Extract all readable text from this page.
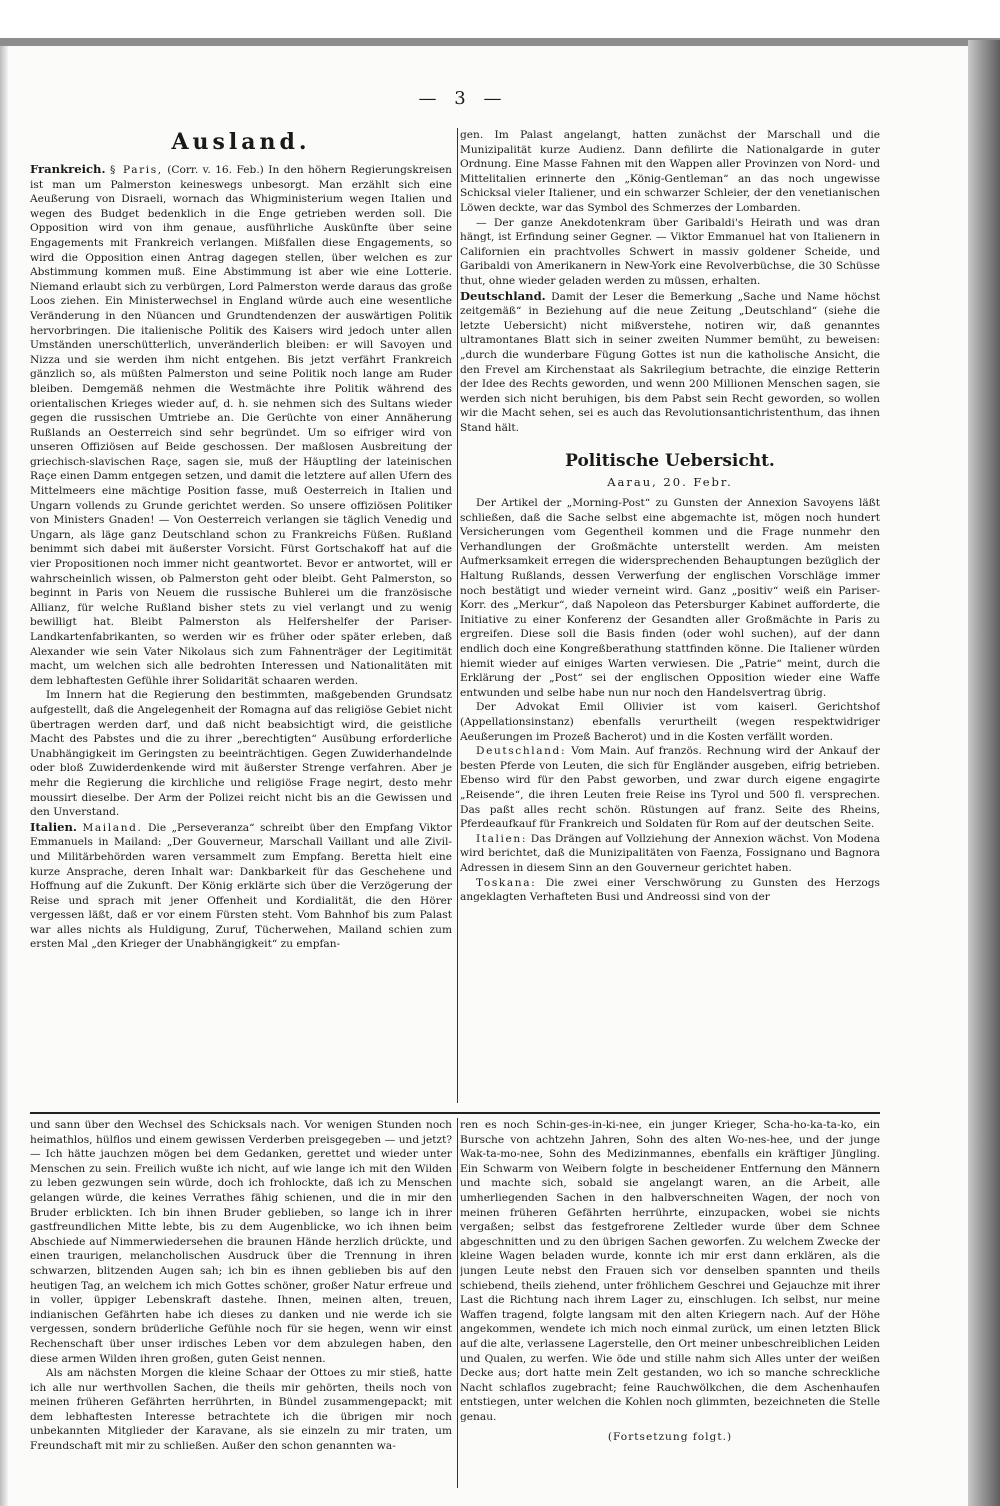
— 3 —
Ausland.

Frankreich. § Paris, (Corr. v. 16. Feb.) In den höhern Regierungskreisen ist man um Palmerston keineswegs unbesorgt. Man erzählt sich eine Aeußerung von Disraeli, wornach das Whigministerium wegen Italien und wegen des Budget bedenklich in die Enge getrieben werden soll. Die Opposition wird von ihm genaue, ausführliche Auskünfte über seine Engagements mit Frankreich verlangen. Mißfallen diese Engagements, so wird die Opposition einen Antrag dagegen stellen, über welchen es zur Abstimmung kommen muß. Eine Abstimmung ist aber wie eine Lotterie. Niemand erlaubt sich zu verbürgen, Lord Palmerston werde daraus das große Loos ziehen. Ein Ministerwechsel in England würde auch eine wesentliche Veränderung in den Nüancen und Grundtendenzen der auswärtigen Politik hervorbringen. Die italienische Politik des Kaisers wird jedoch unter allen Umständen unerschütterlich, unveränderlich bleiben: er will Savoyen und Nizza und sie werden ihm nicht entgehen. Bis jetzt verfährt Frankreich gänzlich so, als müßten Palmerston und seine Politik noch lange am Ruder bleiben. Demgemäß nehmen die Westmächte ihre Politik während des orientalischen Krieges wieder auf, d. h. sie nehmen sich des Sultans wieder gegen die russischen Umtriebe an. Die Gerüchte von einer Annäherung Rußlands an Oesterreich sind sehr begründet. Um so eifriger wird von unseren Offiziösen auf Beide geschossen. Der maßlosen Ausbreitung der griechisch-slavischen Raçe, sagen sie, muß der Häuptling der lateinischen Raçe einen Damm entgegen setzen, und damit die letztere auf allen Ufern des Mittelmeers eine mächtige Position fasse, muß Oesterreich in Italien und Ungarn vollends zu Grunde gerichtet werden. So unsere offiziösen Politiker von Ministers Gnaden! — Von Oesterreich verlangen sie täglich Venedig und Ungarn, als läge ganz Deutschland schon zu Frankreichs Füßen. Rußland benimmt sich dabei mit äußerster Vorsicht. Fürst Gortschakoff hat auf die vier Propositionen noch immer nicht geantwortet. Bevor er antwortet, will er wahrscheinlich wissen, ob Palmerston geht oder bleibt. Geht Palmerston, so beginnt in Paris von Neuem die russische Buhlerei um die französische Allianz, für welche Rußland bisher stets zu viel verlangt und zu wenig bewilligt hat. Bleibt Palmerston als Helfershelfer der Pariser-Landkartenfabrikanten, so werden wir es früher oder später erleben, daß Alexander wie sein Vater Nikolaus sich zum Fahnenträger der Legitimität macht, um welchen sich alle bedrohten Interessen und Nationalitäten mit dem lebhaftesten Gefühle ihrer Solidarität schaaren werden.

Im Innern hat die Regierung den bestimmten, maßgebenden Grundsatz aufgestellt, daß die Angelegenheit der Romagna auf das religiöse Gebiet nicht übertragen werden darf, und daß nicht beabsichtigt wird, die geistliche Macht des Pabstes und die zu ihrer „berechtigten“ Ausübung erforderliche Unabhängigkeit im Geringsten zu beeinträchtigen. Gegen Zuwiderhandelnde oder bloß Zuwiderdenkende wird mit äußerster Strenge verfahren. Aber je mehr die Regierung die kirchliche und religiöse Frage negirt, desto mehr moussirt dieselbe. Der Arm der Polizei reicht nicht bis an die Gewissen und den Unverstand.

Italien. Mailand. Die „Perseveranza“ schreibt über den Empfang Viktor Emmanuels in Mailand: „Der Gouverneur, Marschall Vaillant und alle Zivil- und Militärbehörden waren versammelt zum Empfang. Beretta hielt eine kurze Ansprache, deren Inhalt war: Dankbarkeit für das Geschehene und Hoffnung auf die Zukunft. Der König erklärte sich über die Verzögerung der Reise und sprach mit jener Offenheit und Kordialität, die den Hörer vergessen läßt, daß er vor einem Fürsten steht. Vom Bahnhof bis zum Palast war alles nichts als Huldigung, Zuruf, Tücherwehen, Mailand schien zum ersten Mal „den Krieger der Unabhängigkeit“ zu empfan-

gen. Im Palast angelangt, hatten zunächst der Marschall und die Munizipalität kurze Audienz. Dann defilirte die Nationalgarde in guter Ordnung. Eine Masse Fahnen mit den Wappen aller Provinzen von Nord- und Mittelitalien erinnerte den „König-Gentleman“ an das noch ungewisse Schicksal vieler Italiener, und ein schwarzer Schleier, der den venetianischen Löwen deckte, war das Symbol des Schmerzes der Lombarden.

— Der ganze Anekdotenkram über Garibaldi's Heirath und was dran hängt, ist Erfindung seiner Gegner. — Viktor Emmanuel hat von Italienern in Californien ein prachtvolles Schwert in massiv goldener Scheide, und Garibaldi von Amerikanern in New-York eine Revolverbüchse, die 30 Schüsse thut, ohne wieder geladen werden zu müssen, erhalten.

Deutschland. Damit der Leser die Bemerkung „Sache und Name höchst zeitgemäß“ in Beziehung auf die neue Zeitung „Deutschland“ (siehe die letzte Uebersicht) nicht mißverstehe, notiren wir, daß genanntes ultramontanes Blatt sich in seiner zweiten Nummer bemüht, zu beweisen: „durch die wunderbare Fügung Gottes ist nun die katholische Ansicht, die den Frevel am Kirchenstaat als Sakrilegium betrachte, die einzige Retterin der Idee des Rechts geworden, und wenn 200 Millionen Menschen sagen, sie werden sich nicht beruhigen, bis dem Pabst sein Recht geworden, so wollen wir die Macht sehen, sei es auch das Revolutionsantichristenthum, das ihnen Stand hält.

Politische Uebersicht.
Aarau, 20. Febr.

Der Artikel der „Morning-Post“ zu Gunsten der Annexion Savoyens läßt schließen, daß die Sache selbst eine abgemachte ist, mögen noch hundert Versicherungen vom Gegentheil kommen und die Frage nunmehr den Verhandlungen der Großmächte unterstellt werden. Am meisten Aufmerksamkeit erregen die widersprechenden Behauptungen bezüglich der Haltung Rußlands, dessen Verwerfung der englischen Vorschläge immer noch bestätigt und wieder verneint wird. Ganz „positiv“ weiß ein Pariser-Korr. des „Merkur“, daß Napoleon das Petersburger Kabinet aufforderte, die Initiative zu einer Konferenz der Gesandten aller Großmächte in Paris zu ergreifen. Diese soll die Basis finden (oder wohl suchen), auf der dann endlich doch eine Kongreßberathung stattfinden könne. Die Italiener würden hiemit wieder auf einiges Warten verwiesen. Die „Patrie“ meint, durch die Erklärung der „Post“ sei der englischen Opposition wieder eine Waffe entwunden und selbe habe nun nur noch den Handelsvertrag übrig.

Der Advokat Emil Ollivier ist vom kaiserl. Gerichtshof (Appellationsinstanz) ebenfalls verurtheilt (wegen respektwidriger Aeußerungen im Prozeß Bacherot) und in die Kosten verfällt worden.

Deutschland: Vom Main. Auf französ. Rechnung wird der Ankauf der besten Pferde von Leuten, die sich für Engländer ausgeben, eifrig betrieben. Ebenso wird für den Pabst geworben, und zwar durch eigene engagirte „Reisende“, die ihren Leuten freie Reise ins Tyrol und 500 fl. versprechen. Das paßt alles recht schön. Rüstungen auf franz. Seite des Rheins, Pferdeaufkauf für Frankreich und Soldaten für Rom auf der deutschen Seite.

Italien: Das Drängen auf Vollziehung der Annexion wächst. Von Modena wird berichtet, daß die Munizipalitäten von Faenza, Fossignano und Bagnora Adressen in diesem Sinn an den Gouverneur gerichtet haben.

Toskana: Die zwei einer Verschwörung zu Gunsten des Herzogs angeklagten Verhafteten Busi und Andreossi sind von der

und sann über den Wechsel des Schicksals nach. Vor wenigen Stunden noch heimathlos, hülflos und einem gewissen Verderben preisgegeben — und jetzt? — Ich hätte jauchzen mögen bei dem Gedanken, gerettet und wieder unter Menschen zu sein. Freilich wußte ich nicht, auf wie lange ich mit den Wilden zu leben gezwungen sein würde, doch ich frohlockte, daß ich zu Menschen gelangen würde, die keines Verrathes fähig schienen, und die in mir den Bruder erblickten. Ich bin ihnen Bruder geblieben, so lange ich in ihrer gastfreundlichen Mitte lebte, bis zu dem Augenblicke, wo ich ihnen beim Abschiede auf Nimmerwiedersehen die braunen Hände herzlich drückte, und einen traurigen, melancholischen Ausdruck über die Trennung in ihren schwarzen, blitzenden Augen sah; ich bin es ihnen geblieben bis auf den heutigen Tag, an welchem ich mich Gottes schöner, großer Natur erfreue und in voller, üppiger Lebenskraft dastehe. Ihnen, meinen alten, treuen, indianischen Gefährten habe ich dieses zu danken und nie werde ich sie vergessen, sondern brüderliche Gefühle noch für sie hegen, wenn wir einst Rechenschaft über unser irdisches Leben vor dem abzulegen haben, den diese armen Wilden ihren großen, guten Geist nennen.

Als am nächsten Morgen die kleine Schaar der Ottoes zu mir stieß, hatte ich alle nur werthvollen Sachen, die theils mir gehörten, theils noch von meinen früheren Gefährten herrührten, in Bündel zusammengepackt; mit dem lebhaftesten Interesse betrachtete ich die übrigen mir noch unbekannten Mitglieder der Karavane, als sie einzeln zu mir traten, um Freundschaft mit mir zu schließen. Außer den schon genannten wa-

ren es noch Schin-ges-in-ki-nee, ein junger Krieger, Scha-ho-ka-ta-ko, ein Bursche von achtzehn Jahren, Sohn des alten Wo-nes-hee, und der junge Wak-ta-mo-nee, Sohn des Medizinmannes, ebenfalls ein kräftiger Jüngling. Ein Schwarm von Weibern folgte in bescheidener Entfernung den Männern und machte sich, sobald sie angelangt waren, an die Arbeit, alle umherliegenden Sachen in den halbverschneiten Wagen, der noch von meinen früheren Gefährten herrührte, einzupacken, wobei sie nichts vergaßen; selbst das festgefrorene Zeltleder wurde über dem Schnee abgeschnitten und zu den übrigen Sachen geworfen. Zu welchem Zwecke der kleine Wagen beladen wurde, konnte ich mir erst dann erklären, als die jungen Leute nebst den Frauen sich vor denselben spannten und theils schiebend, theils ziehend, unter fröhlichem Geschrei und Gejauchze mit ihrer Last die Richtung nach ihrem Lager zu, einschlugen. Ich selbst, nur meine Waffen tragend, folgte langsam mit den alten Kriegern nach. Auf der Höhe angekommen, wendete ich mich noch einmal zurück, um einen letzten Blick auf die alte, verlassene Lagerstelle, den Ort meiner unbeschreiblichen Leiden und Qualen, zu werfen. Wie öde und stille nahm sich Alles unter der weißen Decke aus; dort hatte mein Zelt gestanden, wo ich so manche schreckliche Nacht schlaflos zugebracht; feine Rauchwölkchen, die dem Aschenhaufen entstiegen, unter welchen die Kohlen noch glimmten, bezeichneten die Stelle genau.

(Fortsetzung folgt.)
